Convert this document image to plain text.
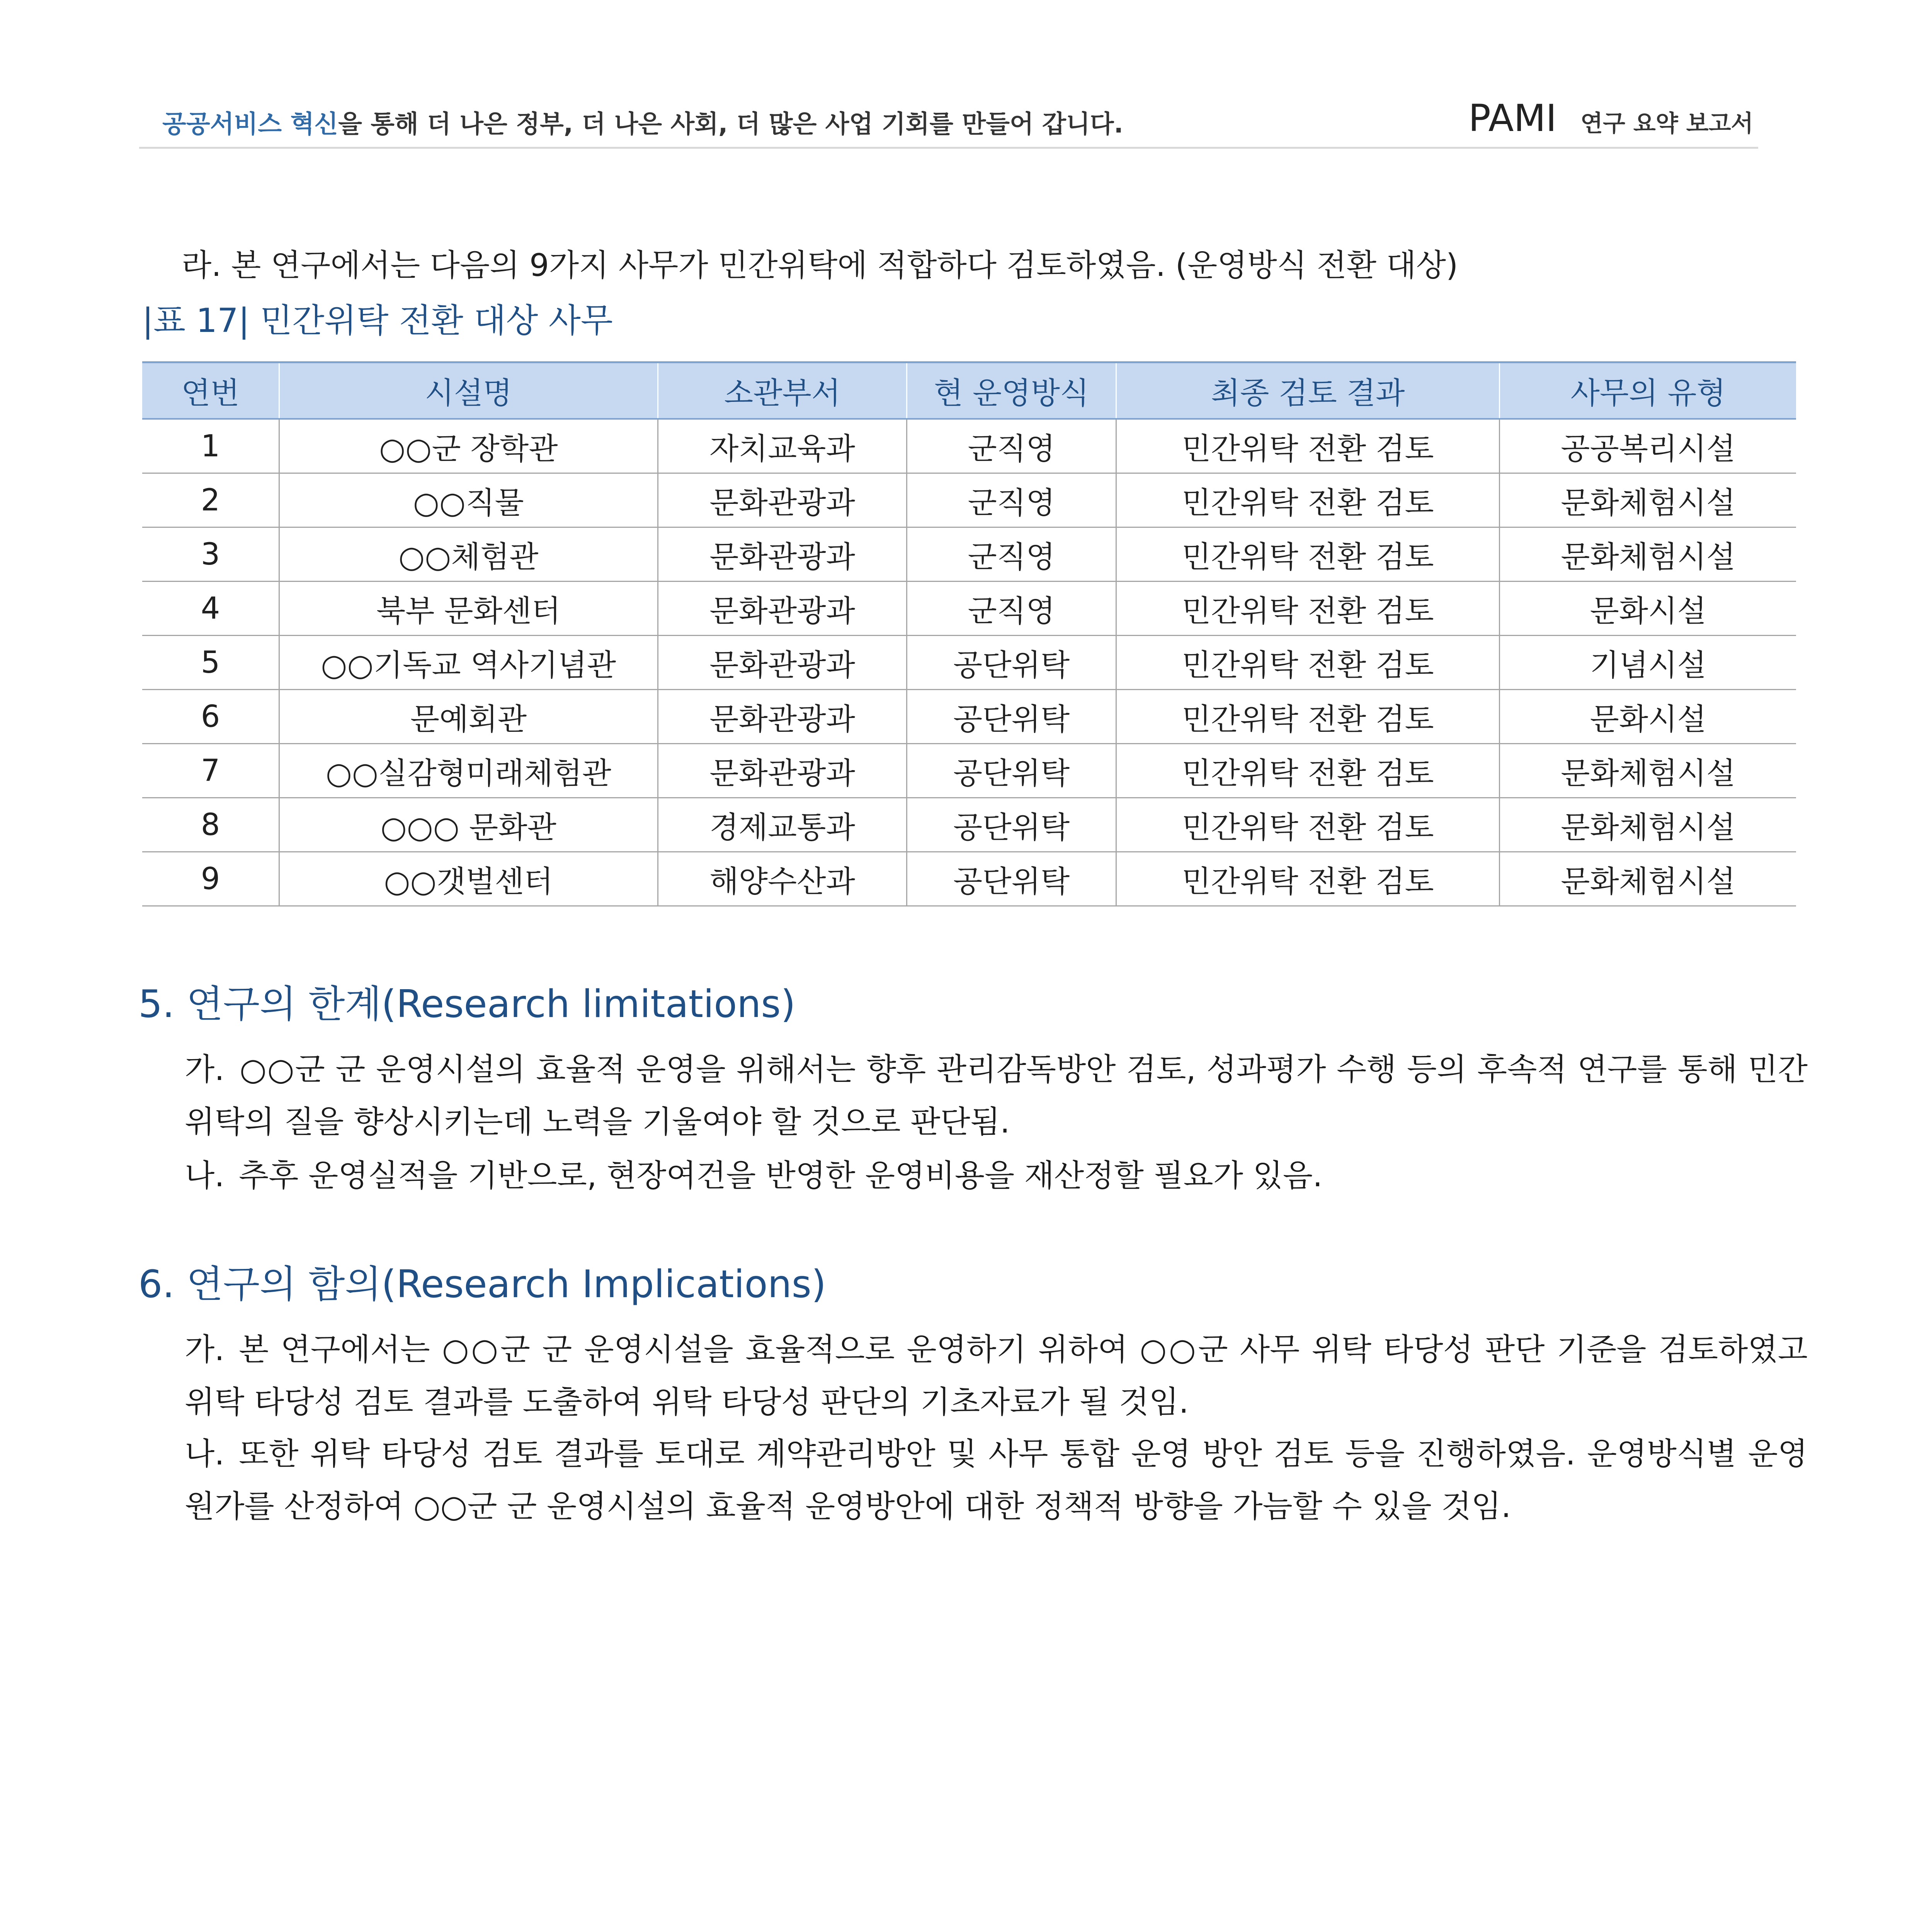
공공서비스 혁신을 통해 더 나은 정부, 더 나은 사회, 더 많은 사업 기회를 만들어 갑니다.	PAMI 연구 요약 보고서
라. 본 연구에서는 다음의 9가지 사무가 민간위탁에 적합하다 검토하였음. (운영방식 전환 대상)
|표 17| 민간위탁 전환 대상 사무
연번	시설명	소관부서	현 운영방식	최종 검토 결과	사무의 유형
1	○○군 장학관	자치교육과	군직영	민간위탁 전환 검토	공공복리시설
2	○○직물	문화관광과	군직영	민간위탁 전환 검토	문화체험시설
3	○○체험관	문화관광과	군직영	민간위탁 전환 검토	문화체험시설
4	북부 문화센터	문화관광과	군직영	민간위탁 전환 검토	문화시설
5	○○기독교 역사기념관	문화관광과	공단위탁	민간위탁 전환 검토	기념시설
6	문예회관	문화관광과	공단위탁	민간위탁 전환 검토	문화시설
7	○○실감형미래체험관	문화관광과	공단위탁	민간위탁 전환 검토	문화체험시설
8	○○○ 문화관	경제교통과	공단위탁	민간위탁 전환 검토	문화체험시설
9	○○갯벌센터	해양수산과	공단위탁	민간위탁 전환 검토	문화체험시설
5. 연구의 한계(Research limitations)
가. ○○군 군 운영시설의 효율적 운영을 위해서는 향후 관리감독방안 검토, 성과평가 수행 등의 후속적 연구를 통해 민간위탁의 질을 향상시키는데 노력을 기울여야 할 것으로 판단됨.
나. 추후 운영실적을 기반으로, 현장여건을 반영한 운영비용을 재산정할 필요가 있음.
6. 연구의 함의(Research Implications)
가. 본 연구에서는 ○○군 군 운영시설을 효율적으로 운영하기 위하여 ○○군 사무 위탁 타당성 판단 기준을 검토하였고 위탁 타당성 검토 결과를 도출하여 위탁 타당성 판단의 기초자료가 될 것임.
나. 또한 위탁 타당성 검토 결과를 토대로 계약관리방안 및 사무 통합 운영 방안 검토 등을 진행하였음. 운영방식별 운영원가를 산정하여 ○○군 군 운영시설의 효율적 운영방안에 대한 정책적 방향을 가늠할 수 있을 것임.
